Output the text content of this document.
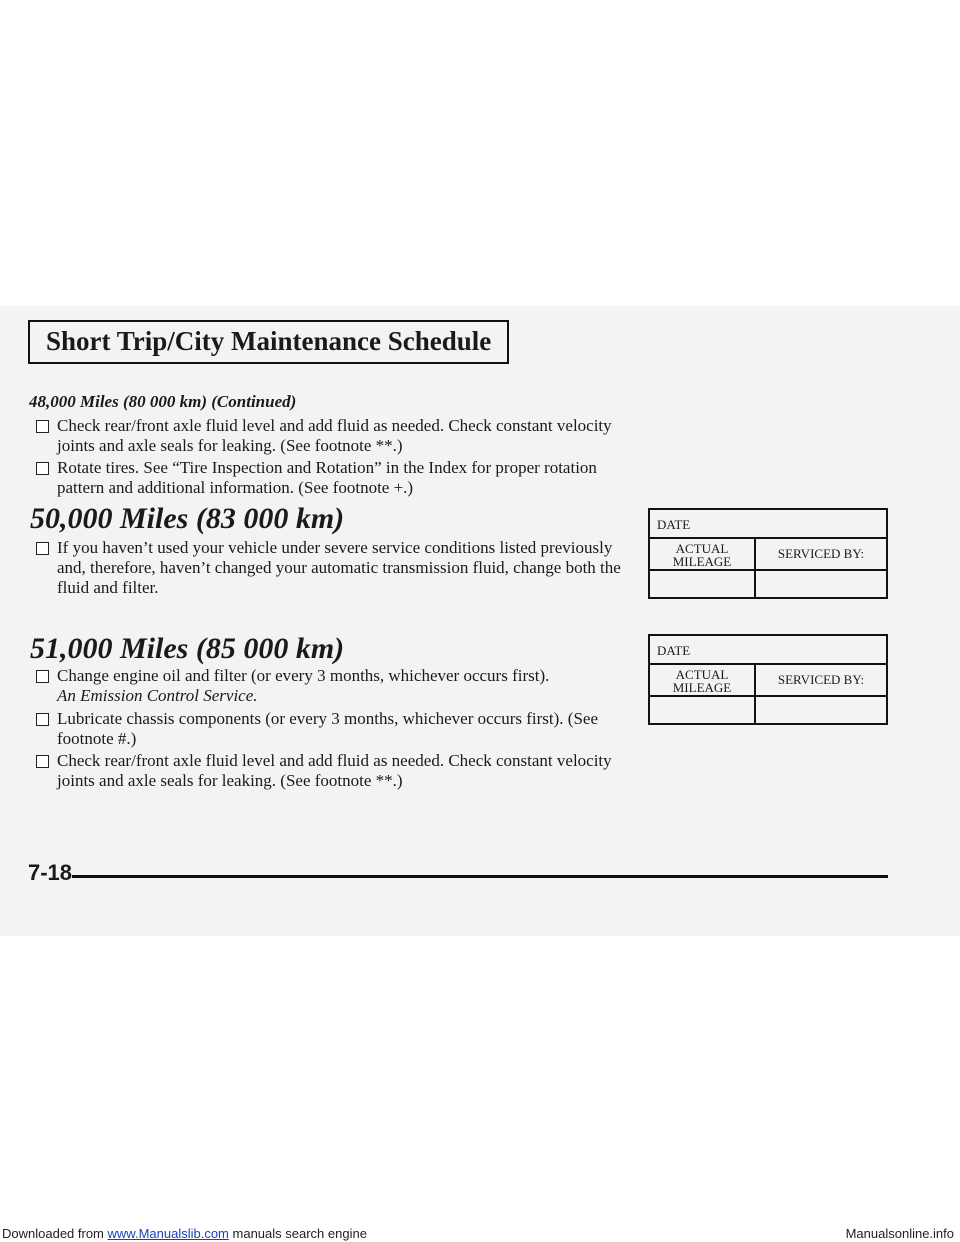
Short Trip/City Maintenance Schedule
48,000 Miles (80 000 km) (Continued)
Check rear/front axle fluid level and add fluid as needed. Check constant velocity joints and axle seals for leaking. (See footnote **.)
Rotate tires. See “Tire Inspection and Rotation” in the Index for proper rotation pattern and additional information. (See footnote +.)
50,000 Miles (83 000 km)
If you haven’t used your vehicle under severe service conditions listed previously and, therefore, haven’t changed your automatic transmission fluid, change both the fluid and filter.
DATE
ACTUAL MILEAGE
SERVICED BY:
51,000 Miles (85 000 km)
Change engine oil and filter (or every 3 months, whichever occurs first).
An Emission Control Service.
Lubricate chassis components (or every 3 months, whichever occurs first). (See footnote #.)
Check rear/front axle fluid level and add fluid as needed. Check constant velocity joints and axle seals for leaking. (See footnote **.)
DATE
ACTUAL MILEAGE
SERVICED BY:
7-18
Downloaded from www.Manualslib.com manuals search engine	Manualsonline.info
